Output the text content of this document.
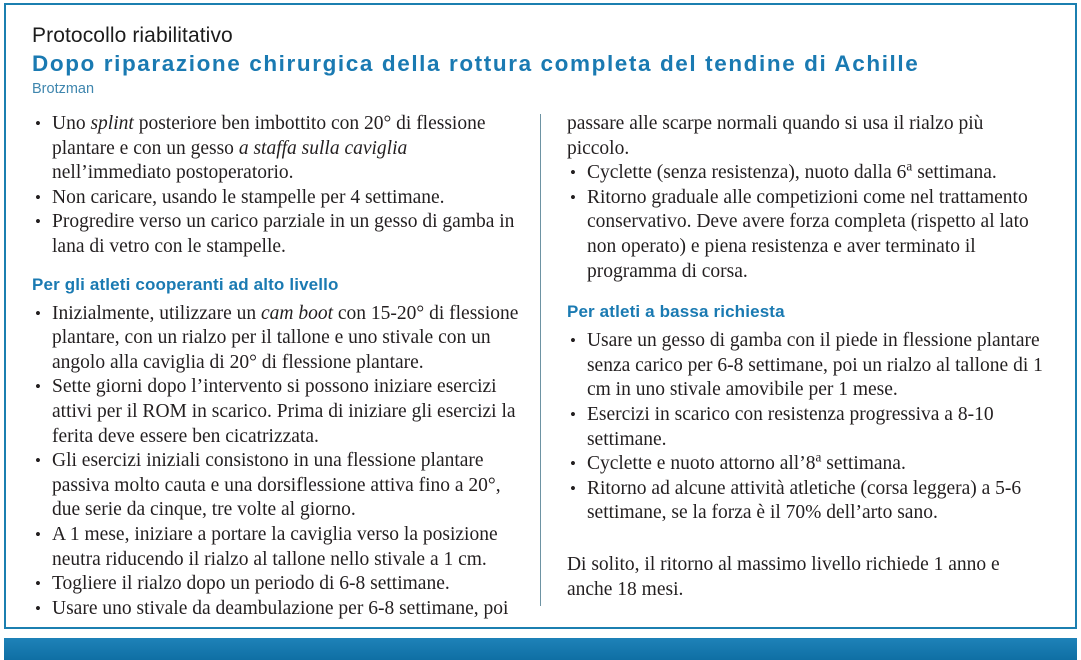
Protocollo riabilitativo
Dopo riparazione chirurgica della rottura completa del tendine di Achille
Brotzman
• Uno splint posteriore ben imbottito con 20° di flessione plantare e con un gesso a staffa sulla caviglia nell’immediato postoperatorio.
• Non caricare, usando le stampelle per 4 settimane.
• Progredire verso un carico parziale in un gesso di gamba in lana di vetro con le stampelle.
Per gli atleti cooperanti ad alto livello
• Inizialmente, utilizzare un cam boot con 15-20° di flessione plantare, con un rialzo per il tallone e uno stivale con un angolo alla caviglia di 20° di flessione plantare.
• Sette giorni dopo l’intervento si possono iniziare esercizi attivi per il ROM in scarico. Prima di iniziare gli esercizi la ferita deve essere ben cicatrizzata.
• Gli esercizi iniziali consistono in una flessione plantare passiva molto cauta e una dorsiflessione attiva fino a 20°, due serie da cinque, tre volte al giorno.
• A 1 mese, iniziare a portare la caviglia verso la posizione neutra riducendo il rialzo al tallone nello stivale a 1 cm.
• Togliere il rialzo dopo un periodo di 6-8 settimane.
• Usare uno stivale da deambulazione per 6-8 settimane, poi
passare alle scarpe normali quando si usa il rialzo più piccolo.
• Cyclette (senza resistenza), nuoto dalla 6$^a$ settimana.
• Ritorno graduale alle competizioni come nel trattamento conservativo. Deve avere forza completa (rispetto al lato non operato) e piena resistenza e aver terminato il programma di corsa.
Per atleti a bassa richiesta
• Usare un gesso di gamba con il piede in flessione plantare senza carico per 6-8 settimane, poi un rialzo al tallone di 1 cm in uno stivale amovibile per 1 mese.
• Esercizi in scarico con resistenza progressiva a 8-10 settimane.
• Cyclette e nuoto attorno all’8$^a$ settimana.
• Ritorno ad alcune attività atletiche (corsa leggera) a 5-6 settimane, se la forza è il 70% dell’arto sano.
Di solito, il ritorno al massimo livello richiede 1 anno e anche 18 mesi.
